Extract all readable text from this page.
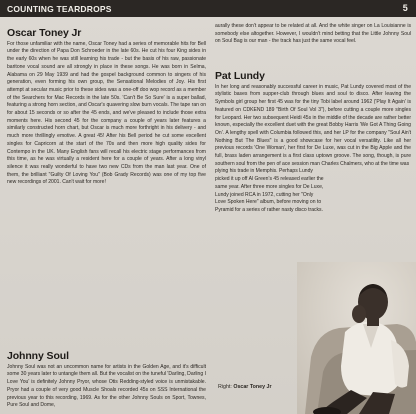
COUNTING TEARDROPS	5
Oscar Toney Jr

For those unfamiliar with the name, Oscar Toney had a series of memorable hits for Bell under the direction of Papa Don Schroeder in the late 60s. He cut his four King sides in the early 60s when he was still learning his trade - but the basis of his raw, passionate baritone vocal sound are all strongly in place in these songs. He was born in Selma, Alabama on 29 May 1939 and had the gospel background common to singers of his generation, even forming his own group, the Sensational Melodies of Joy. His first attempt at secular music prior to these sides was a one-off doo wop record as a member of the Searchers for Mac Records in the late 50s. 'Can't Be So Sure' is a super ballad, featuring a strong horn section, and Oscar's quavering slow burn vocals. The tape ran on for about 15 seconds or so after the 45 ends, and we've pleased to include those extra moments here. His second 45 for the company a couple of years later features a similarly constructed horn chart, but Oscar is much more forthright in his delivery - and much more thrillingly emotive. A great 45! After his Bell period he cut some excellent singles for Capricorn at the start of the 70s and then more high quality sides for Contempo in the UK. Many English fans will recall his electric stage performances from this time, as he was virtually a resident here for a couple of years. After a long vinyl silence it was really wonderful to have two new CDs from the man last year. One of them, the brilliant "Guilty Of Loving You" (Bob Grady Records) was one of my top five new recordings of 2001. Can't wait for more!

Johnny Soul

Johnny Soul was not an uncommon name for artists in the Golden Age, and it's difficult some 30 years later to untangle them all. But the vocalist on the tuneful 'Darling, Darling I Love You' is definitely Johnny Pryor, whose Otis Redding-styled voice is unmistakable. Pryor had a couple of very good Muscle Shoals recorded 45s on SSS International the previous year to this recording, 1969. As for the other Johnny Souls on Sport, Townes, Pure Soul and Dome,

aurally these don't appear to be related at all. And the white singer on La Louisianne is somebody else altogether. However, I wouldn't mind betting that the Little Johnny Soul on Soul Bag is our man - the track has just the same vocal feel.

Pat Lundy

In her long and reasonably successful career in music, Pat Lundy covered most of the stylistic bases from supper-club through blues and soul to disco. After leaving the Symbols girl group her first 45 was for the tiny Tobi label around 1962 ('Play It Again' is featured on CDKEND 189 "Birth Of Soul Vol 3"), before cutting a couple more singles for Leopard. Her two subsequent Heidi 45s in the middle of the decade are rather better known, especially the excellent duet with the great Bobby Harris 'We Got A Thing Going On'. A lengthy spell with Columbia followed this, and her LP for the company "Soul Ain't Nothing But The Blues" is a good showcase for her vocal versatility. Like all her previous records 'One Woman', her first for De Luxe, was cut in the Big Apple and the full, brass laden arrangement is a first class uptown groove. The song, though, is pure southern soul from the pen of ace session man Charles Chalmers, who at the time was

plying his trade in Memphis. Perhaps Lundy picked it up off Al Green's 45 released earlier the same year. After three more singles for De Luxe, Lundy joined RCA in 1972, cutting her "Only Love Spoken Here" album, before moving on to Pyramid for a series of rather nasty disco tracks.

Right: Oscar Toney Jr
